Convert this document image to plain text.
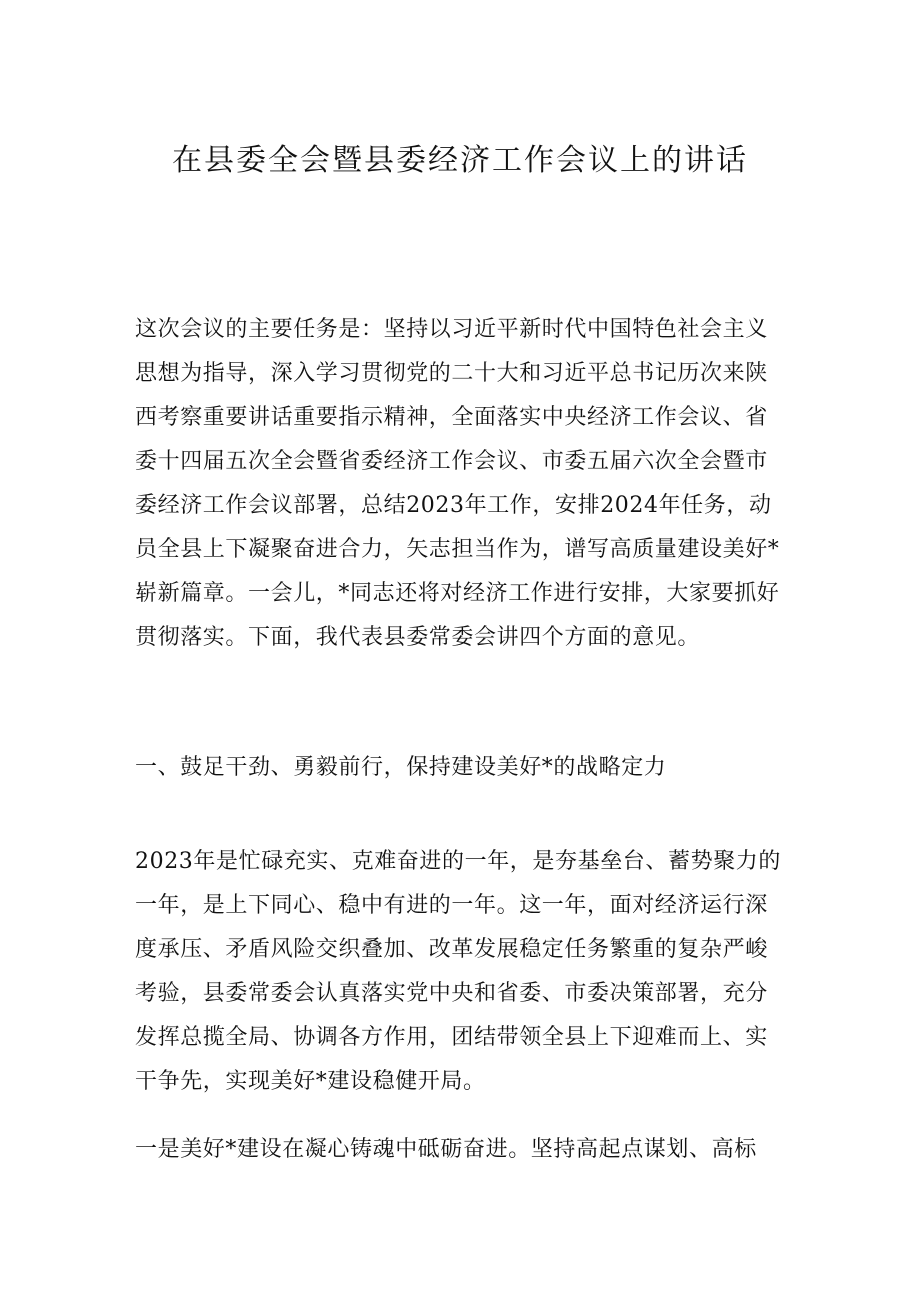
在县委全会暨县委经济工作会议上的讲话
这次会议的主要任务是：坚持以习近平新时代中国特色社会主义
思想为指导，深入学习贯彻党的二十大和习近平总书记历次来陕
西考察重要讲话重要指示精神，全面落实中央经济工作会议、省
委十四届五次全会暨省委经济工作会议、市委五届六次全会暨市
委经济工作会议部署，总结2023年工作，安排2024年任务，动
员全县上下凝聚奋进合力，矢志担当作为，谱写高质量建设美好*
崭新篇章。一会儿，*同志还将对经济工作进行安排，大家要抓好
贯彻落实。下面，我代表县委常委会讲四个方面的意见。
一、鼓足干劲、勇毅前行，保持建设美好*的战略定力
2023年是忙碌充实、克难奋进的一年，是夯基垒台、蓄势聚力的
一年，是上下同心、稳中有进的一年。这一年，面对经济运行深
度承压、矛盾风险交织叠加、改革发展稳定任务繁重的复杂严峻
考验，县委常委会认真落实党中央和省委、市委决策部署，充分
发挥总揽全局、协调各方作用，团结带领全县上下迎难而上、实
干争先，实现美好*建设稳健开局。
一是美好*建设在凝心铸魂中砥砺奋进。坚持高起点谋划、高标
